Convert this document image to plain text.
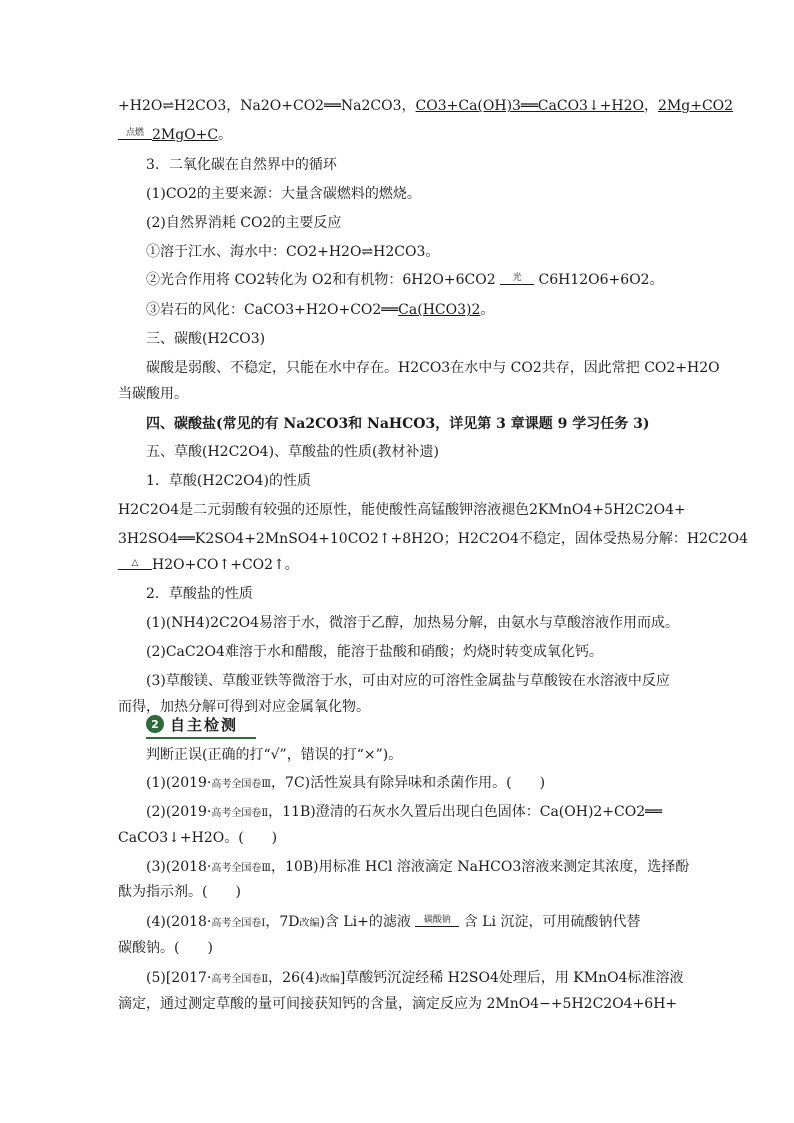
+H2O⇌H2CO3，Na2O+CO2══Na2CO3，CO3+Ca(OH)3══CaCO3↓+H2O，2Mg+CO2
点燃 2MgO+C。
3．二氧化碳在自然界中的循环
(1)CO2的主要来源：大量含碳燃料的燃烧。
(2)自然界消耗 CO2的主要反应
①溶于江水、海水中：CO2+H2O⇌H2CO3。
②光合作用将 CO2转化为 O2和有机物：6H2O+6CO2	光	C6H12O6+6O2。
③岩石的风化：CaCO3+H2O+CO2══Ca(HCO3)2。
三、碳酸(H2CO3)
碳酸是弱酸、不稳定，只能在水中存在。H2CO3在水中与 CO2共存，因此常把 CO2+H2O
当碳酸用。
四、碳酸盐(常见的有 Na2CO3和 NaHCO3，详见第 3 章课题 9 学习任务 3)
五、草酸(H2C2O4)、草酸盐的性质(教材补遗)
1．草酸(H2C2O4)的性质
H2C2O4是二元弱酸有较强的还原性，能使酸性高锰酸钾溶液褪色2KMnO4+5H2C2O4+
3H2SO4══K2SO4+2MnSO4+10CO2↑+8H2O；H2C2O4不稳定，固体受热易分解：H2C2O4
△ H2O+CO↑+CO2↑。
2．草酸盐的性质
(1)(NH4)2C2O4易溶于水，微溶于乙醇，加热易分解，由氨水与草酸溶液作用而成。
(2)CaC2O4难溶于水和醋酸，能溶于盐酸和硝酸；灼烧时转变成氧化钙。
(3)草酸镁、草酸亚铁等微溶于水，可由对应的可溶性金属盐与草酸铵在水溶液中反应
而得，加热分解可得到对应金属氧化物。
2 自主检测
判断正误(正确的打“√”，错误的打“×”)。
(1)(2019·高考全国卷Ⅲ，7C)活性炭具有除异味和杀菌作用。(　　)
(2)(2019·高考全国卷Ⅱ，11B)澄清的石灰水久置后出现白色固体：Ca(OH)2+CO2══
CaCO3↓+H2O。(　　)
(3)(2018·高考全国卷Ⅲ，10B)用标准 HCl 溶液滴定 NaHCO3溶液来测定其浓度，选择酚
酞为指示剂。(　　)
(4)(2018·高考全国卷Ⅰ，7D改编)含 Li+的滤液	碳酸钠 含 Li 沉淀，可用硫酸钠代替
碳酸钠。(　　)
(5)[2017·高考全国卷Ⅱ，26(4)改编]草酸钙沉淀经稀 H2SO4处理后，用 KMnO4标准溶液
滴定，通过测定草酸的量可间接获知钙的含量，滴定反应为 2MnO4−+5H2C2O4+6H+
